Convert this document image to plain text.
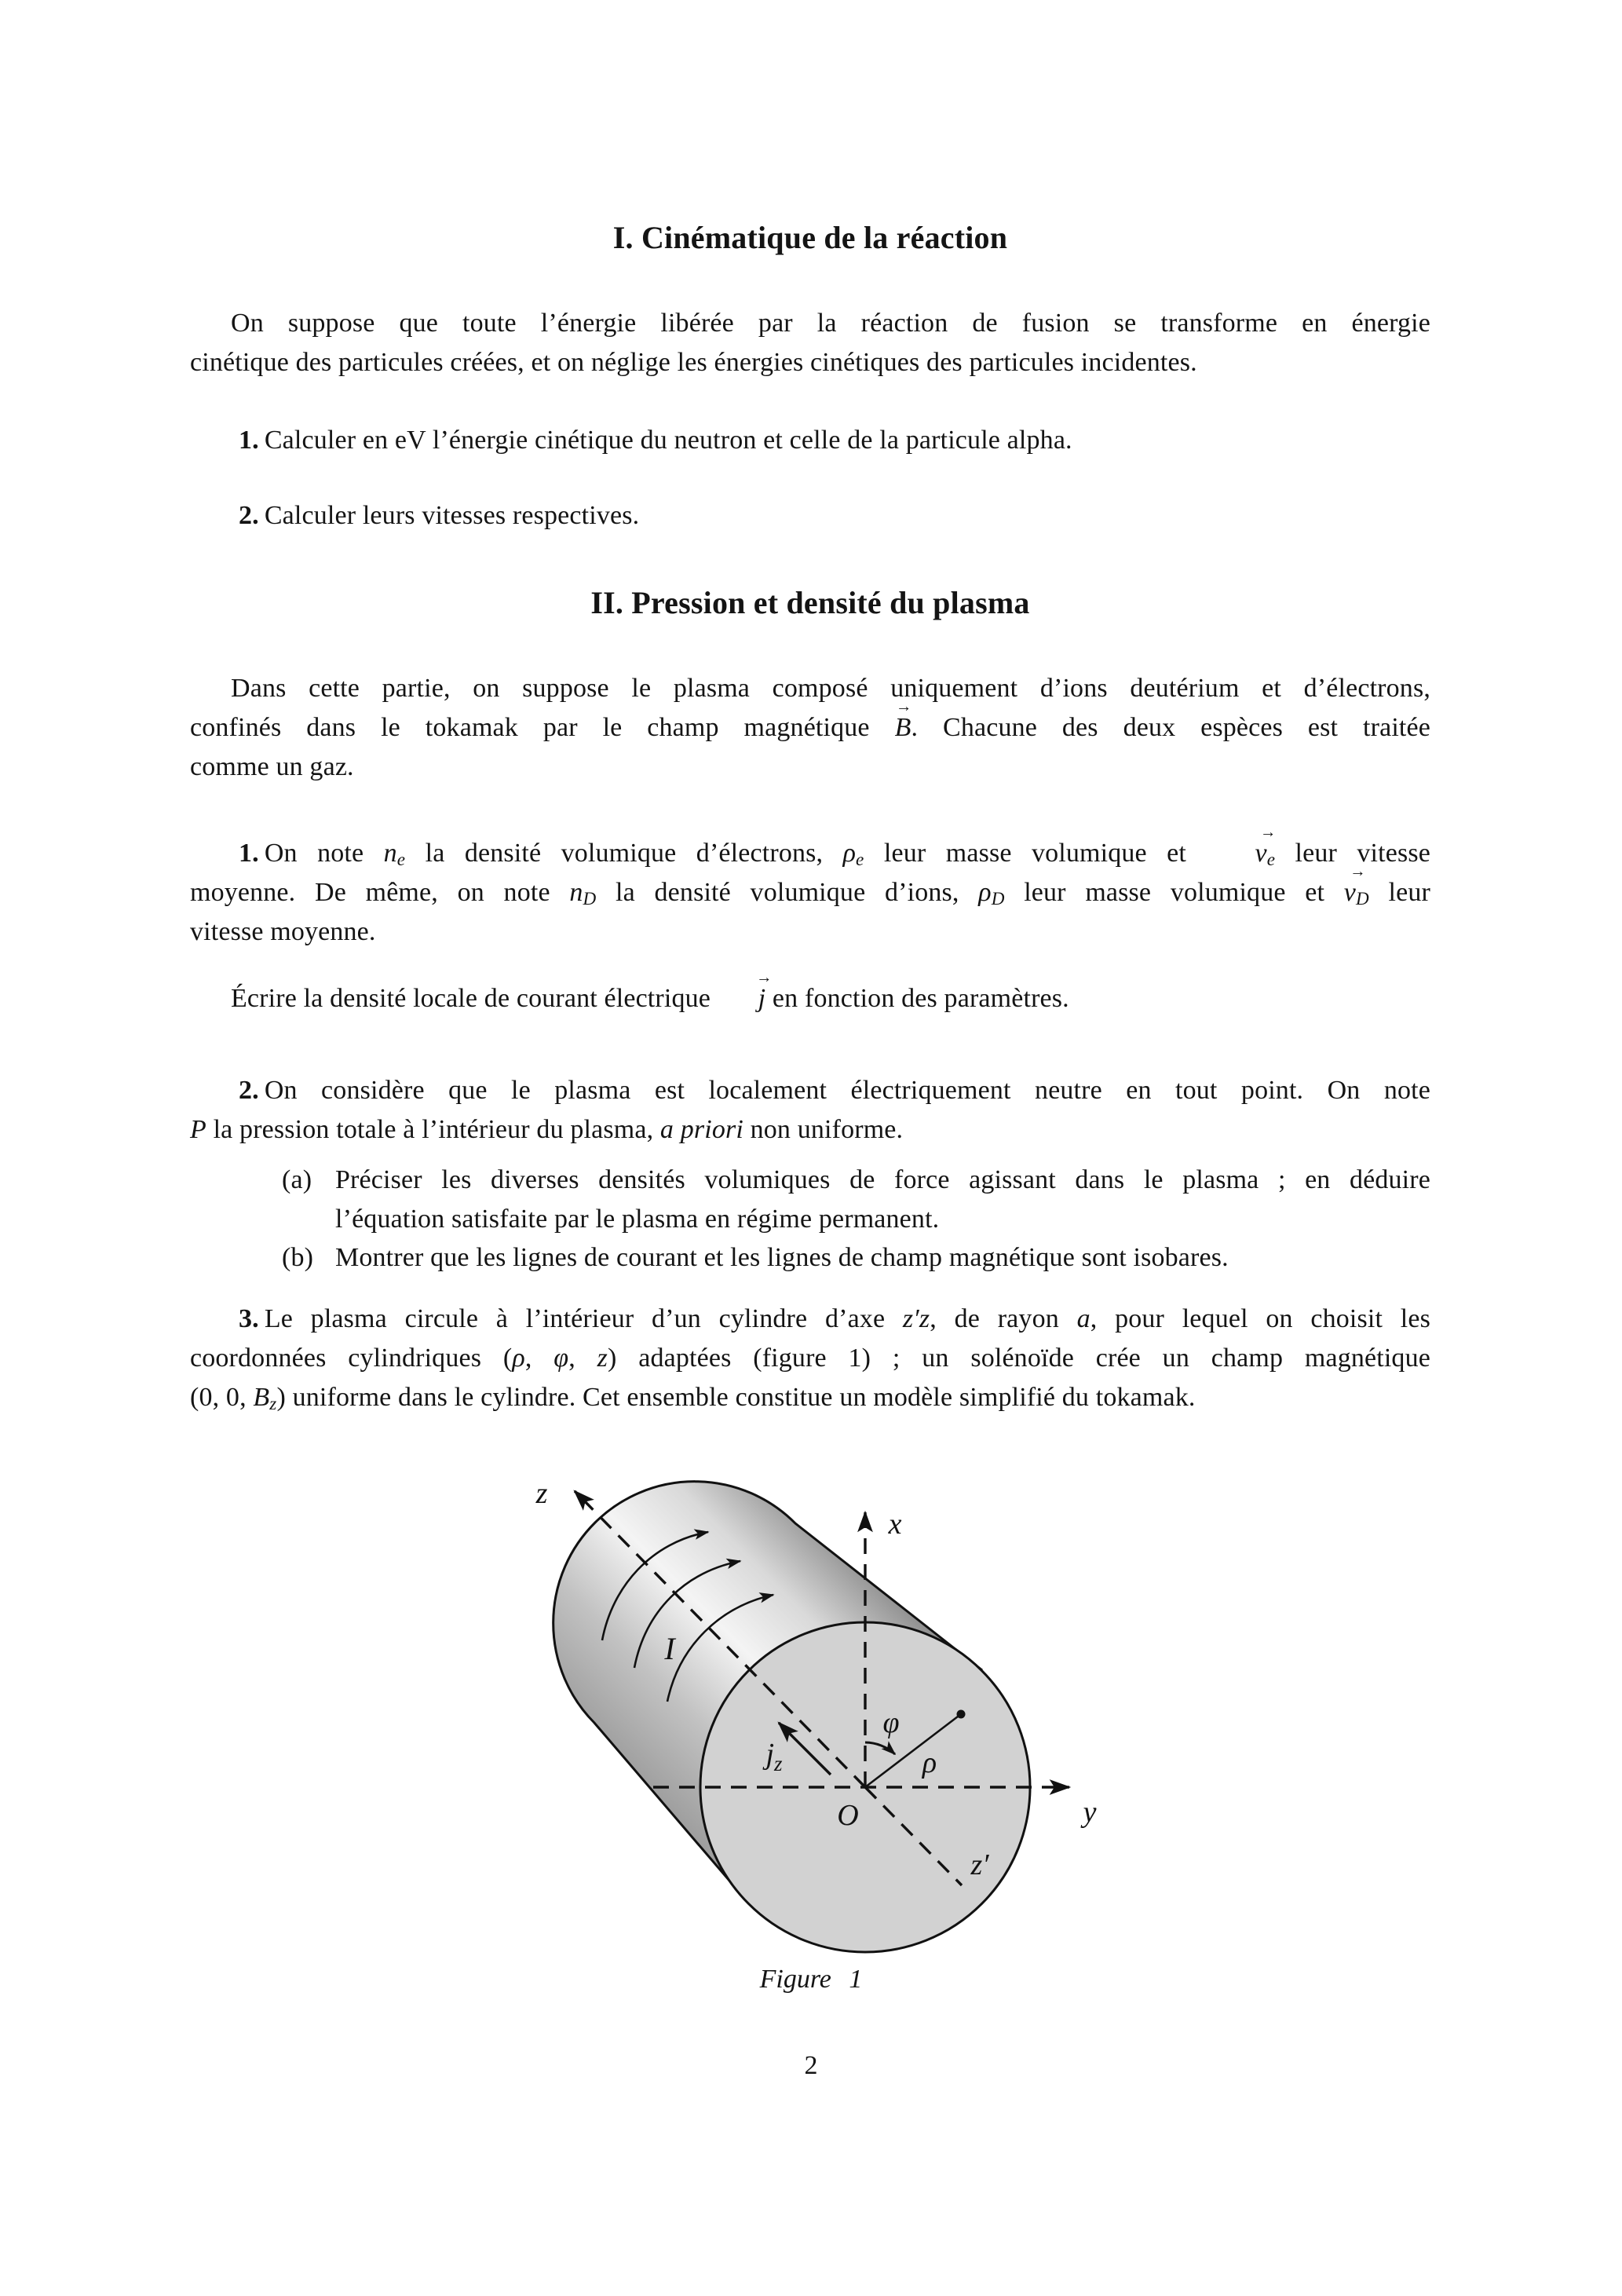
I. Cinématique de la réaction
On suppose que toute l’énergie libérée par la réaction de fusion se transforme en énergie
cinétique des particules créées, et on néglige les énergies cinétiques des particules incidentes.
1. Calculer en eV l’énergie cinétique du neutron et celle de la particule alpha.
2. Calculer leurs vitesses respectives.
II. Pression et densité du plasma
Dans cette partie, on suppose le plasma composé uniquement d’ions deutérium et d’électrons,
confinés dans le tokamak par le champ magnétique
→
B. Chacune des deux espèces est traitée
comme un gaz.
1. On note $n_e$ la densité volumique d’électrons, $\rho_e$ leur masse volumique et
→
$v_e$ leur vitesse
moyenne. De même, on note $n_D$ la densité volumique d’ions, $\rho_D$ leur masse volumique et
→
$v_D$ leur
vitesse moyenne.
Écrire la densité locale de courant électrique
→
j en fonction des paramètres.
2. On considère que le plasma est localement électriquement neutre en tout point. On note
P la pression totale à l’intérieur du plasma, a priori non uniforme.
(a) Préciser les diverses densités volumiques de force agissant dans le plasma ; en déduire
l’équation satisfaite par le plasma en régime permanent.
(b) Montrer que les lignes de courant et les lignes de champ magnétique sont isobares.
3. Le plasma circule à l’intérieur d’un cylindre d’axe z′z, de rayon a, pour lequel on choisit les
coordonnées cylindriques (ρ, φ, z) adaptées (figure 1) ; un solénoïde crée un champ magnétique
(0, 0, $B_z$) uniforme dans le cylindre. Cet ensemble constitue un modèle simplifié du tokamak.
z
x
y
z′
O
φ
ρ
$j_z$
I
Figure 1
2
